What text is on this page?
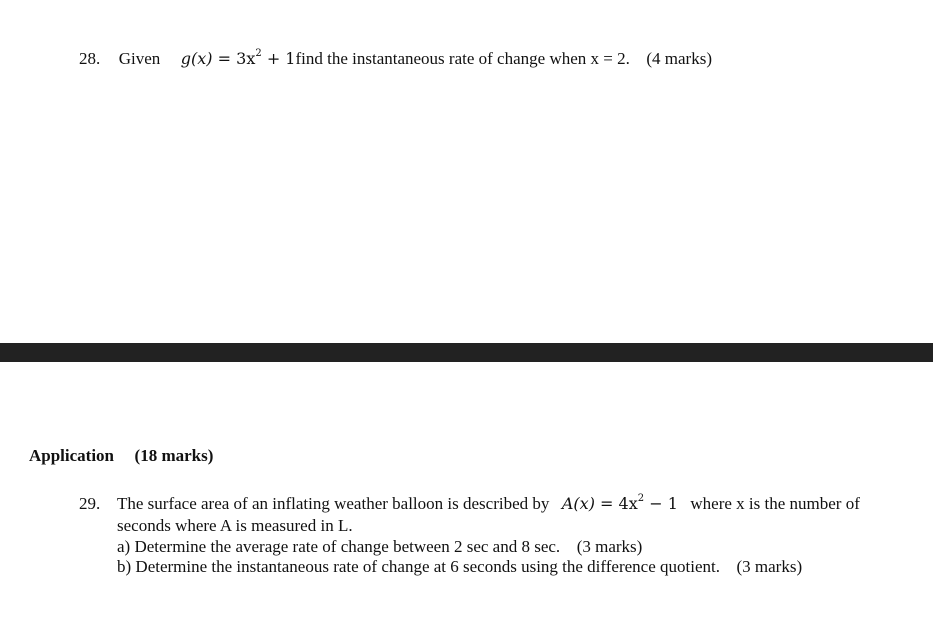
28. Given $g(x) = 3x^2$ + 1find the instantaneous rate of change when x = 2. (4 marks)
Application (18 marks)
29. The surface area of an inflating weather balloon is described by $A(x) = 4x^2 - 1$ where x is the number of
seconds where A is measured in L.
a) Determine the average rate of change between 2 sec and 8 sec. (3 marks)
b) Determine the instantaneous rate of change at 6 seconds using the difference quotient. (3 marks)
